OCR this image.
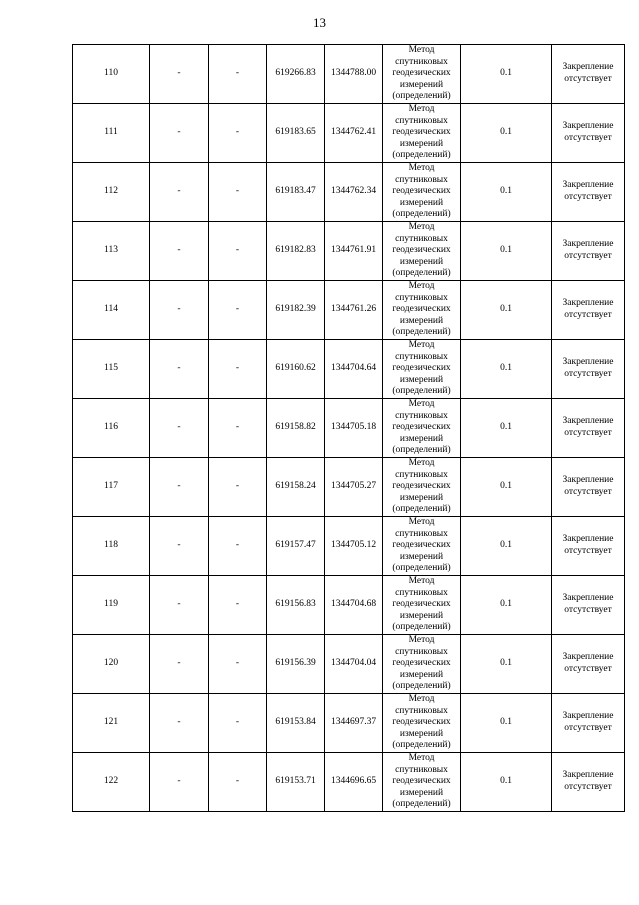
13
110	-	-	619266.83	1344788.00	Метод
спутниковых
геодезических
измерений
(определений)	0.1	Закрепление
отсутствует

111	-	-	619183.65	1344762.41	Метод
спутниковых
геодезических
измерений
(определений)	0.1	Закрепление
отсутствует

112	-	-	619183.47	1344762.34	Метод
спутниковых
геодезических
измерений
(определений)	0.1	Закрепление
отсутствует

113	-	-	619182.83	1344761.91	Метод
спутниковых
геодезических
измерений
(определений)	0.1	Закрепление
отсутствует

114	-	-	619182.39	1344761.26	Метод
спутниковых
геодезических
измерений
(определений)	0.1	Закрепление
отсутствует

115	-	-	619160.62	1344704.64	Метод
спутниковых
геодезических
измерений
(определений)	0.1	Закрепление
отсутствует

116	-	-	619158.82	1344705.18	Метод
спутниковых
геодезических
измерений
(определений)	0.1	Закрепление
отсутствует

117	-	-	619158.24	1344705.27	Метод
спутниковых
геодезических
измерений
(определений)	0.1	Закрепление
отсутствует

118	-	-	619157.47	1344705.12	Метод
спутниковых
геодезических
измерений
(определений)	0.1	Закрепление
отсутствует

119	-	-	619156.83	1344704.68	Метод
спутниковых
геодезических
измерений
(определений)	0.1	Закрепление
отсутствует

120	-	-	619156.39	1344704.04	Метод
спутниковых
геодезических
измерений
(определений)	0.1	Закрепление
отсутствует

121	-	-	619153.84	1344697.37	Метод
спутниковых
геодезических
измерений
(определений)	0.1	Закрепление
отсутствует

122	-	-	619153.71	1344696.65	Метод
спутниковых
геодезических
измерений
(определений)	0.1	Закрепление
отсутствует
